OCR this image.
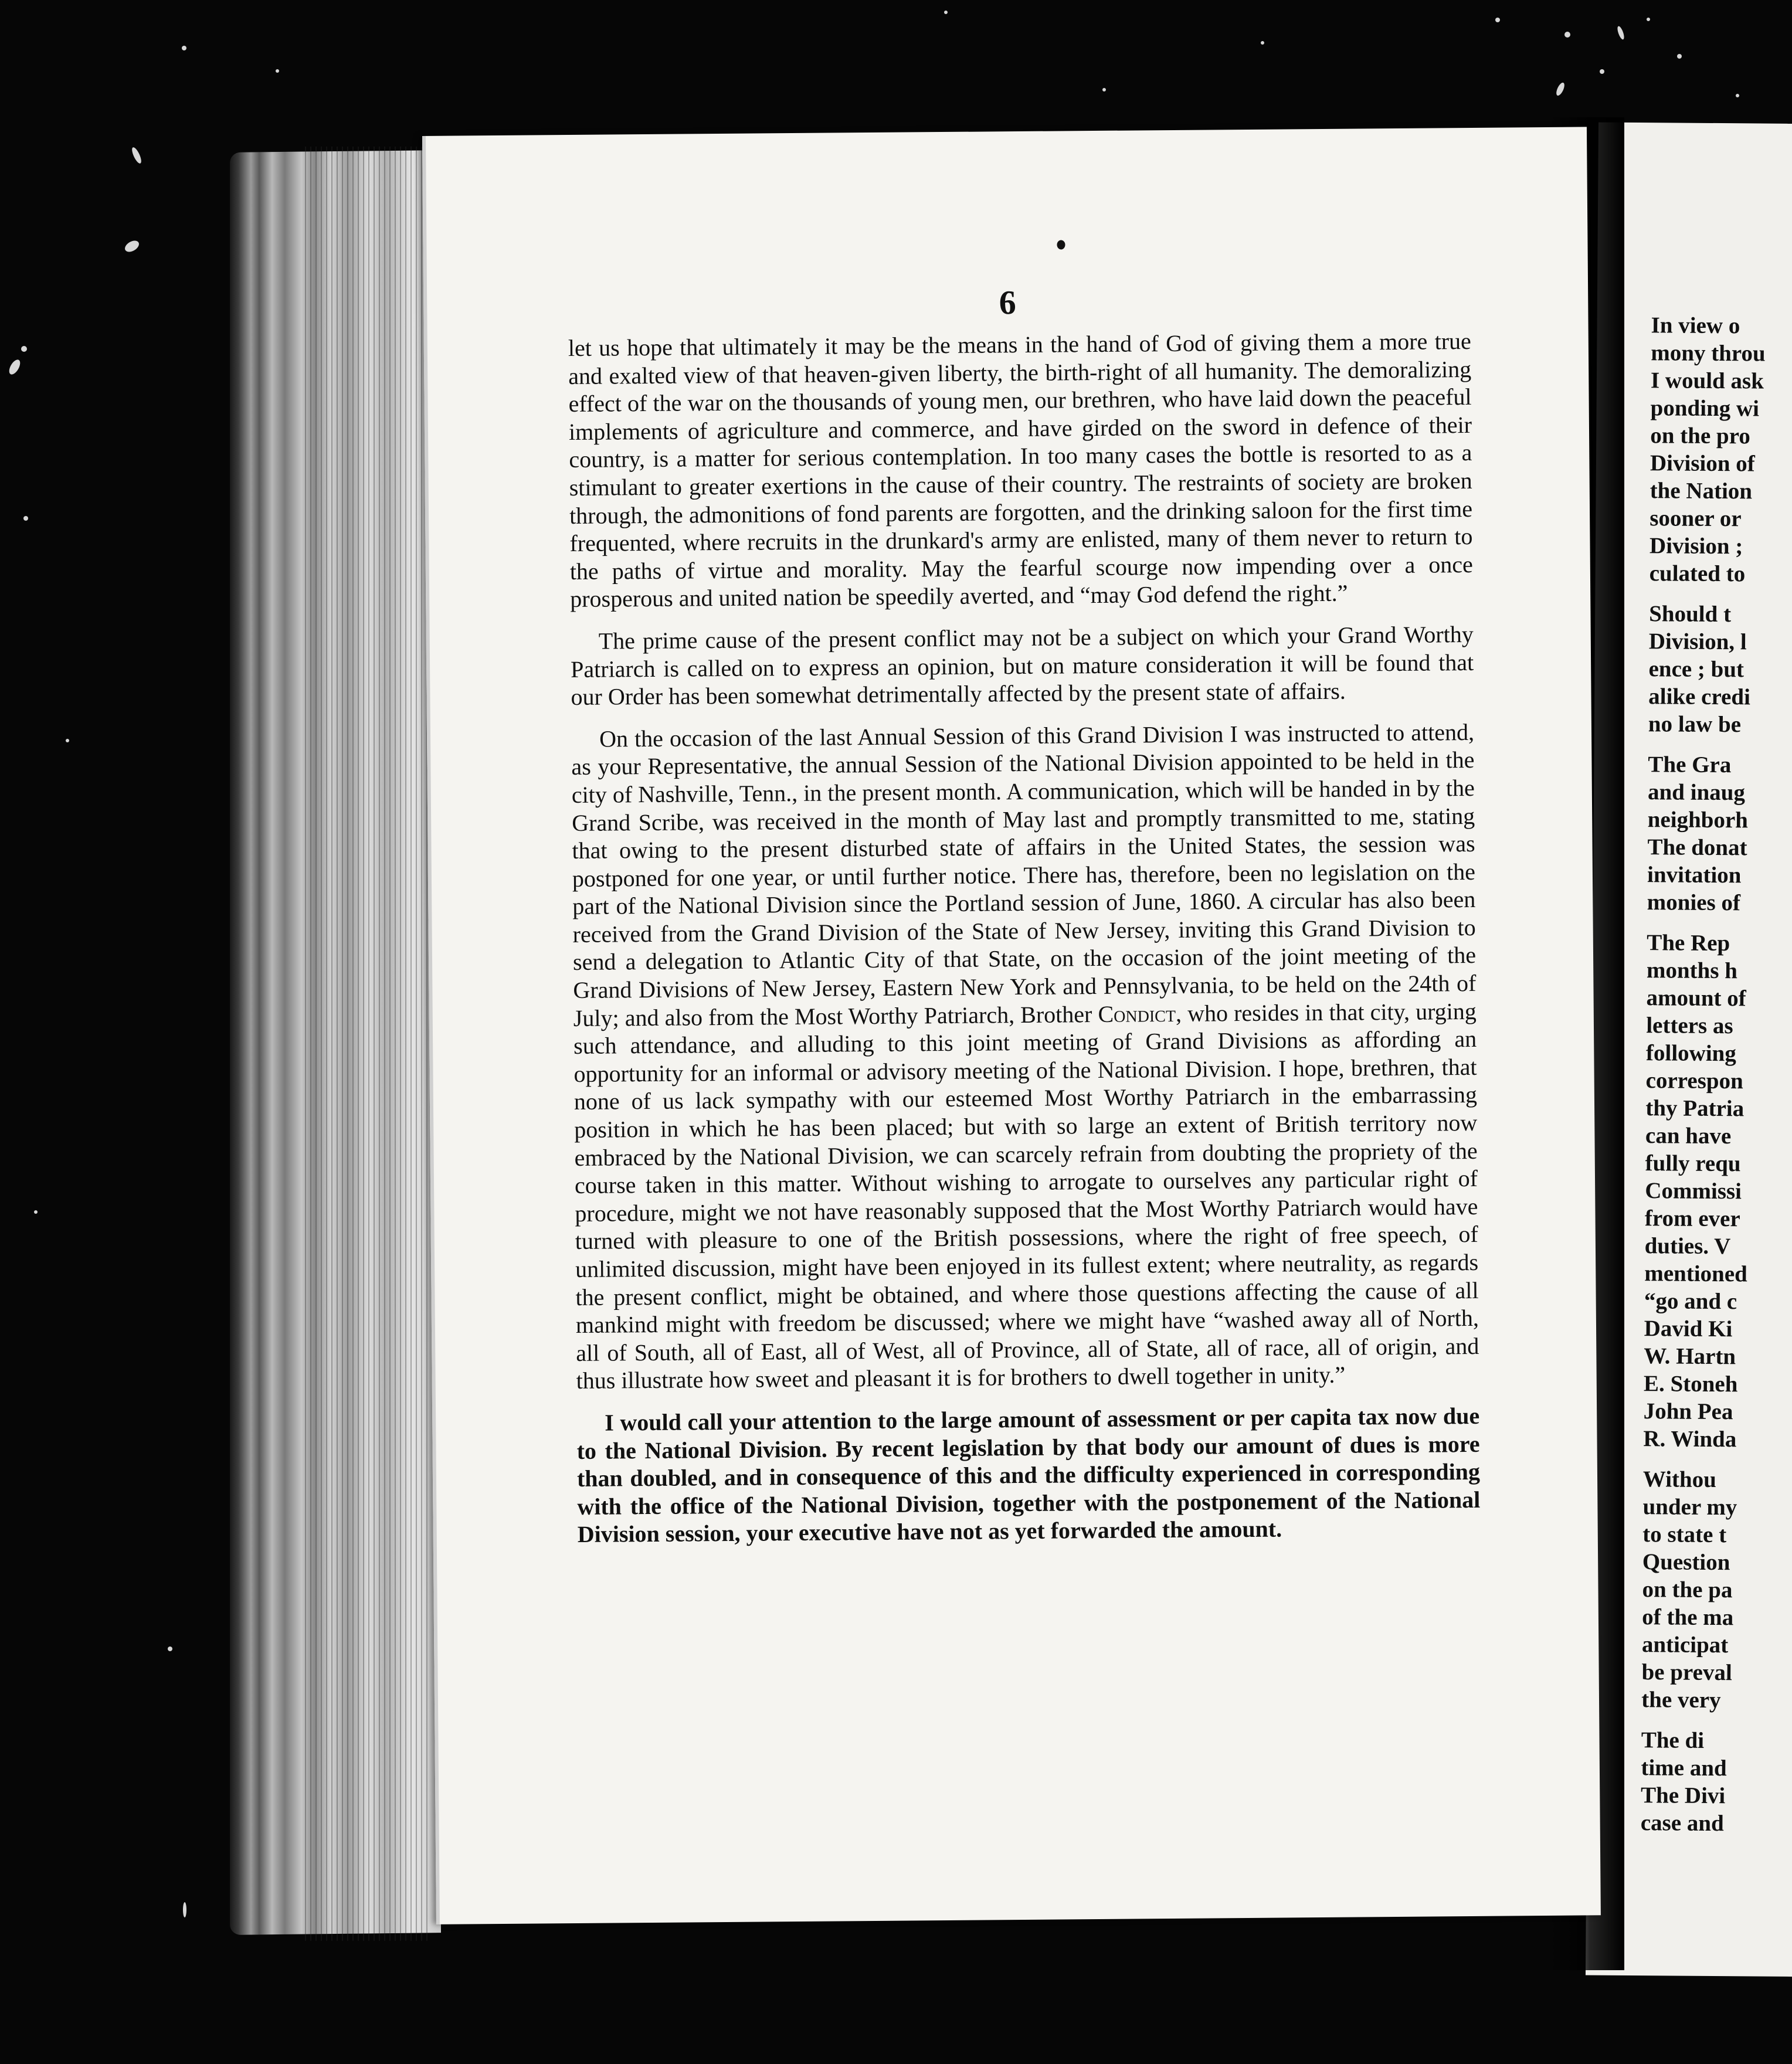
In view o
mony throu
I would ask
ponding wi
on the pro
Division of
the Nation
sooner or
Division ;
culated to
Should t
Division, l
ence ; but
alike credi
no law be
The Gra
and inaug
neighborh
The donat
invitation
monies of
The Rep
months h
amount of
letters as
following
correspon
thy Patria
can have
fully requ
Commissi
from ever
duties. V
mentioned
“go and c
David Ki
W. Hartn
E. Stoneh
John Pea
R. Winda
Withou
under my
to state t
Question
on the pa
of the ma
anticipat
be preval
the very
The di
time and
The Divi
case and

6

let us hope that ultimately it may be the means in the hand of God of giving them a more true and exalted view of that heaven-given liberty, the birth-right of all humanity. The demoralizing effect of the war on the thousands of young men, our brethren, who have laid down the peaceful implements of agriculture and commerce, and have girded on the sword in defence of their country, is a matter for serious contemplation. In too many cases the bottle is resorted to as a stimulant to greater exertions in the cause of their country. The restraints of society are broken through, the admonitions of fond parents are forgotten, and the drinking saloon for the first time frequented, where recruits in the drunkard's army are enlisted, many of them never to return to the paths of virtue and morality. May the fearful scourge now impending over a once prosperous and united nation be speedily averted, and “may God defend the right.”

The prime cause of the present conflict may not be a subject on which your Grand Worthy Patriarch is called on to express an opinion, but on mature consideration it will be found that our Order has been somewhat detrimentally affected by the present state of affairs.

On the occasion of the last Annual Session of this Grand Division I was instructed to attend, as your Representative, the annual Session of the National Division appointed to be held in the city of Nashville, Tenn., in the present month. A communication, which will be handed in by the Grand Scribe, was received in the month of May last and promptly transmitted to me, stating that owing to the present disturbed state of affairs in the United States, the session was postponed for one year, or until further notice. There has, therefore, been no legislation on the part of the National Division since the Portland session of June, 1860. A circular has also been received from the Grand Division of the State of New Jersey, inviting this Grand Division to send a delegation to Atlantic City of that State, on the occasion of the joint meeting of the Grand Divisions of New Jersey, Eastern New York and Pennsylvania, to be held on the 24th of July; and also from the Most Worthy Patriarch, Brother Condict, who resides in that city, urging such attendance, and alluding to this joint meeting of Grand Divisions as affording an opportunity for an informal or advisory meeting of the National Division. I hope, brethren, that none of us lack sympathy with our esteemed Most Worthy Patriarch in the embarrassing position in which he has been placed; but with so large an extent of British territory now embraced by the National Division, we can scarcely refrain from doubting the propriety of the course taken in this matter. Without wishing to arrogate to ourselves any particular right of procedure, might we not have reasonably supposed that the Most Worthy Patriarch would have turned with pleasure to one of the British possessions, where the right of free speech, of unlimited discussion, might have been enjoyed in its fullest extent; where neutrality, as regards the present conflict, might be obtained, and where those questions affecting the cause of all mankind might with freedom be discussed; where we might have “washed away all of North, all of South, all of East, all of West, all of Province, all of State, all of race, all of origin, and thus illustrate how sweet and pleasant it is for brothers to dwell together in unity.”

I would call your attention to the large amount of assessment or per capita tax now due to the National Division. By recent legislation by that body our amount of dues is more than doubled, and in consequence of this and the difficulty experienced in corresponding with the office of the National Division, together with the postponement of the National Division session, your executive have not as yet forwarded the amount.
